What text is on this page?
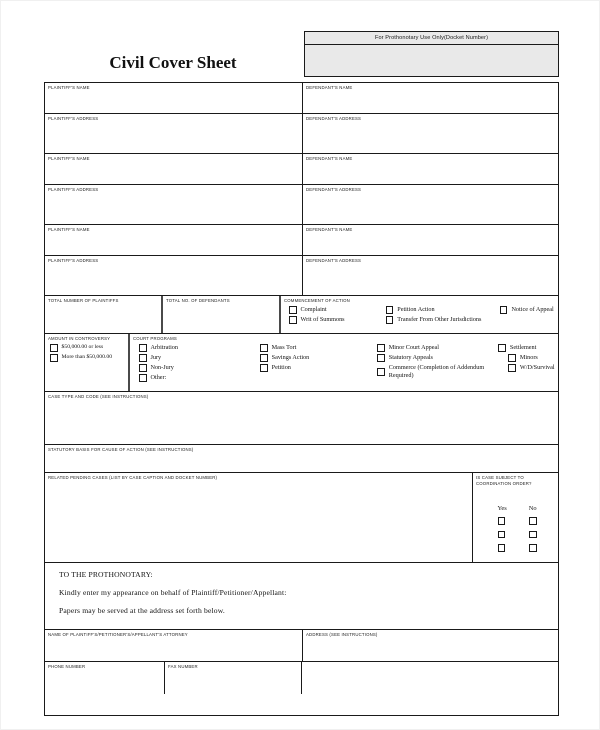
For Prothonotary Use Only(Docket Number)
Civil Cover Sheet
PLAINTIFF'S NAME	DEFENDANT'S NAME
PLAINTIFF'S ADDRESS	DEFENDANT'S ADDRESS
PLAINTIFF'S NAME	DEFENDANT'S NAME
PLAINTIFF'S ADDRESS	DEFENDANT'S ADDRESS
PLAINTIFF'S NAME	DEFENDANT'S NAME
PLAINTIFF'S ADDRESS	DEFENDANT'S ADDRESS
TOTAL NUMBER OF PLAINTIFFS	TOTAL NO. OF DEFENDANTS	COMMENCEMENT OF ACTION
Complaint
Writ of Summons
Petition Action
Transfer From Other Jurisdictions
Notice of Appeal
AMOUNT IN CONTROVERSY
$50,000.00 or less
More than $50,000.00
COURT PROGRAMS
Arbitration
Jury
Non-Jury
Other:
Mass Tort
Savings Action
Petition
Minor Court Appeal
Statutory Appeals
Commerce (Completion of Addendum Required)
Settlement
Minors
W/D/Survival
CASE TYPE AND CODE (SEE INSTRUCTIONS)
STATUTORY BASIS FOR CAUSE OF ACTION (SEE INSTRUCTIONS)
RELATED PENDING CASES (LIST BY CASE CAPTION AND DOCKET NUMBER)	IS CASE SUBJECT TO COORDINATION ORDER?
Yes	No
TO THE PROTHONOTARY:
Kindly enter my appearance on behalf of Plaintiff/Petitioner/Appellant:
Papers may be served at the address set forth below.
NAME OF PLAINTIFF'S/PETITIONER'S/APPELLANT'S ATTORNEY	ADDRESS (SEE INSTRUCTIONS)
PHONE NUMBER	FAX NUMBER
